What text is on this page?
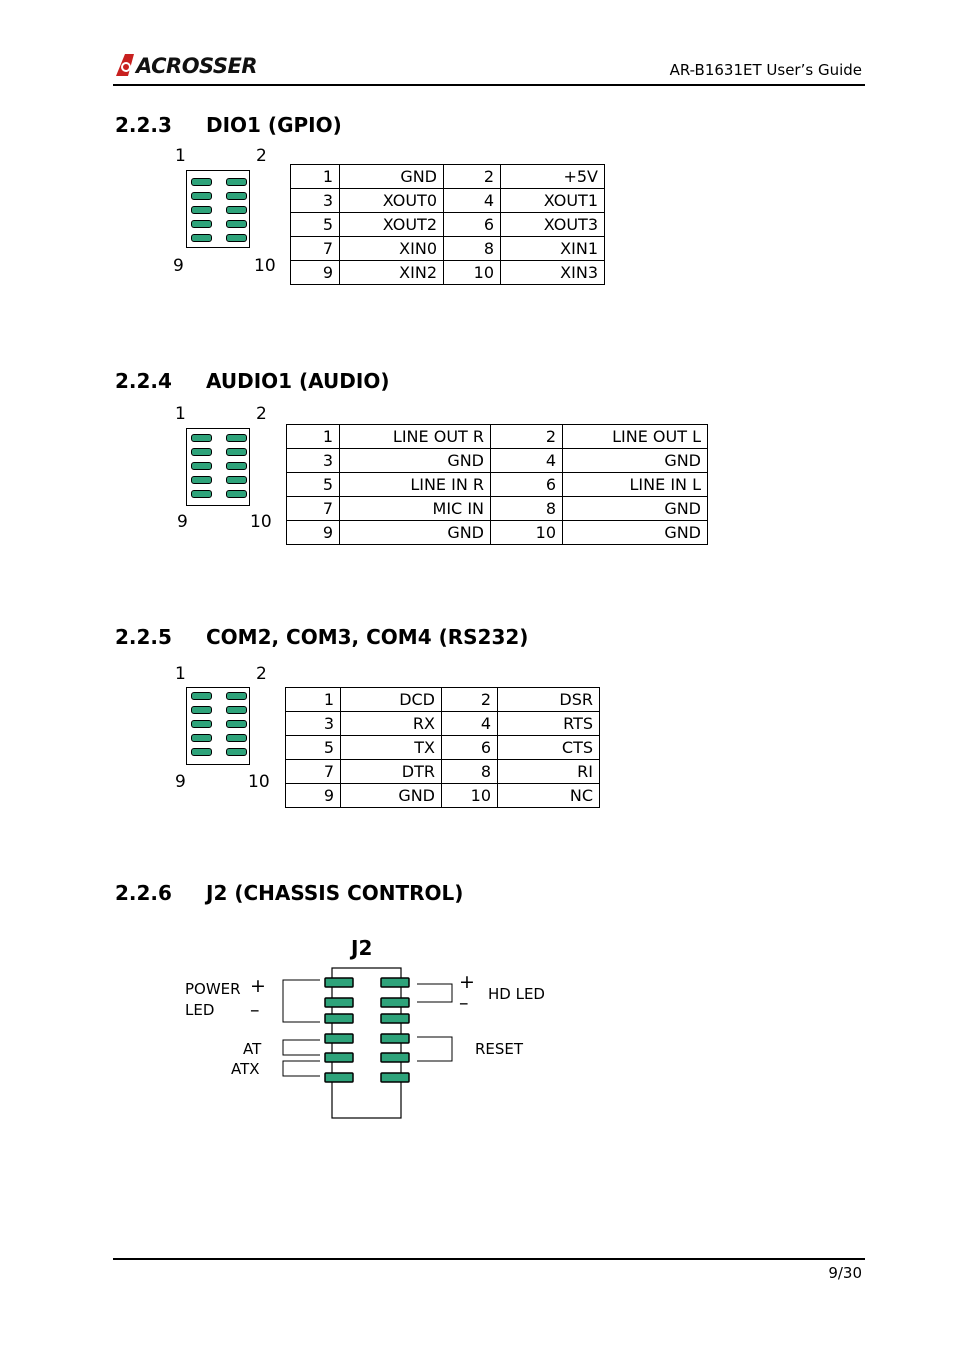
ACROSSER	AR-B1631ET User’s Guide
2.2.3 DIO1 (GPIO)
1	2
9	10
1	GND	2	+5V
3	XOUT0	4	XOUT1
5	XOUT2	6	XOUT3
7	XIN0	8	XIN1
9	XIN2	10	XIN3
2.2.4 AUDIO1 (AUDIO)
1	2
9	10
1	LINE OUT R	2	LINE OUT L
3	GND	4	GND
5	LINE IN R	6	LINE IN L
7	MIC IN	8	GND
9	GND	10	GND
2.2.5 COM2, COM3, COM4 (RS232)
1	2
9	10
1	DCD	2	DSR
3	RX	4	RTS
5	TX	6	CTS
7	DTR	8	RI
9	GND	10	NC
2.2.6 J2 (CHASSIS CONTROL)
J2
POWER
LED
+
–
AT
ATX
+
– HD LED
RESET
9/30
